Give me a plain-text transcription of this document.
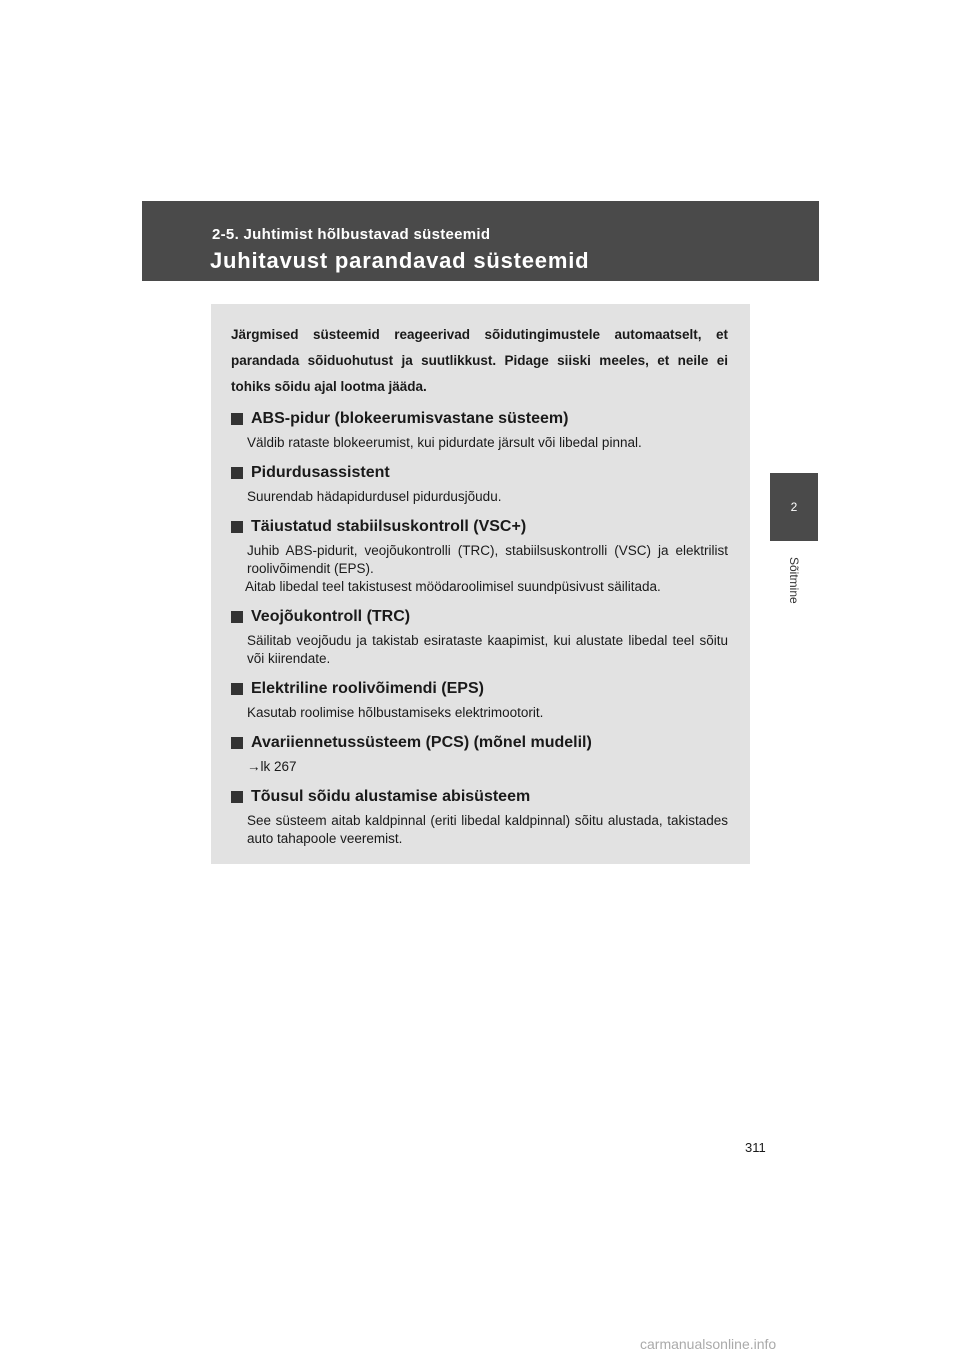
2-5. Juhtimist hõlbustavad süsteemid
Juhitavust parandavad süsteemid
2
Sõitmine

Järgmised süsteemid reageerivad sõidutingimustele automaatselt, et parandada sõiduohutust ja suutlikkust. Pidage siiski meeles, et neile ei tohiks sõidu ajal lootma jääda.

ABS-pidur (blokeerumisvastane süsteem)
Väldib rataste blokeerumist, kui pidurdate järsult või libedal pinnal.
Pidurdusassistent
Suurendab hädapidurdusel pidurdusjõudu.
Täiustatud stabiilsuskontroll (VSC+)
Juhib ABS-pidurit, veojõukontrolli (TRC), stabiilsuskontrolli (VSC) ja elektrilist roolivõimendit (EPS).
Aitab libedal teel takistusest möödaroolimisel suundpüsivust säilitada.
Veojõukontroll (TRC)
Säilitab veojõudu ja takistab esirataste kaapimist, kui alustate libedal teel sõitu või kiirendate.
Elektriline roolivõimendi (EPS)
Kasutab roolimise hõlbustamiseks elektrimootorit.
Avariiennetussüsteem (PCS) (mõnel mudelil)
→lk 267
Tõusul sõidu alustamise abisüsteem
See süsteem aitab kaldpinnal (eriti libedal kaldpinnal) sõitu alustada, takistades auto tahapoole veeremist.
311
carmanualsonline.info
